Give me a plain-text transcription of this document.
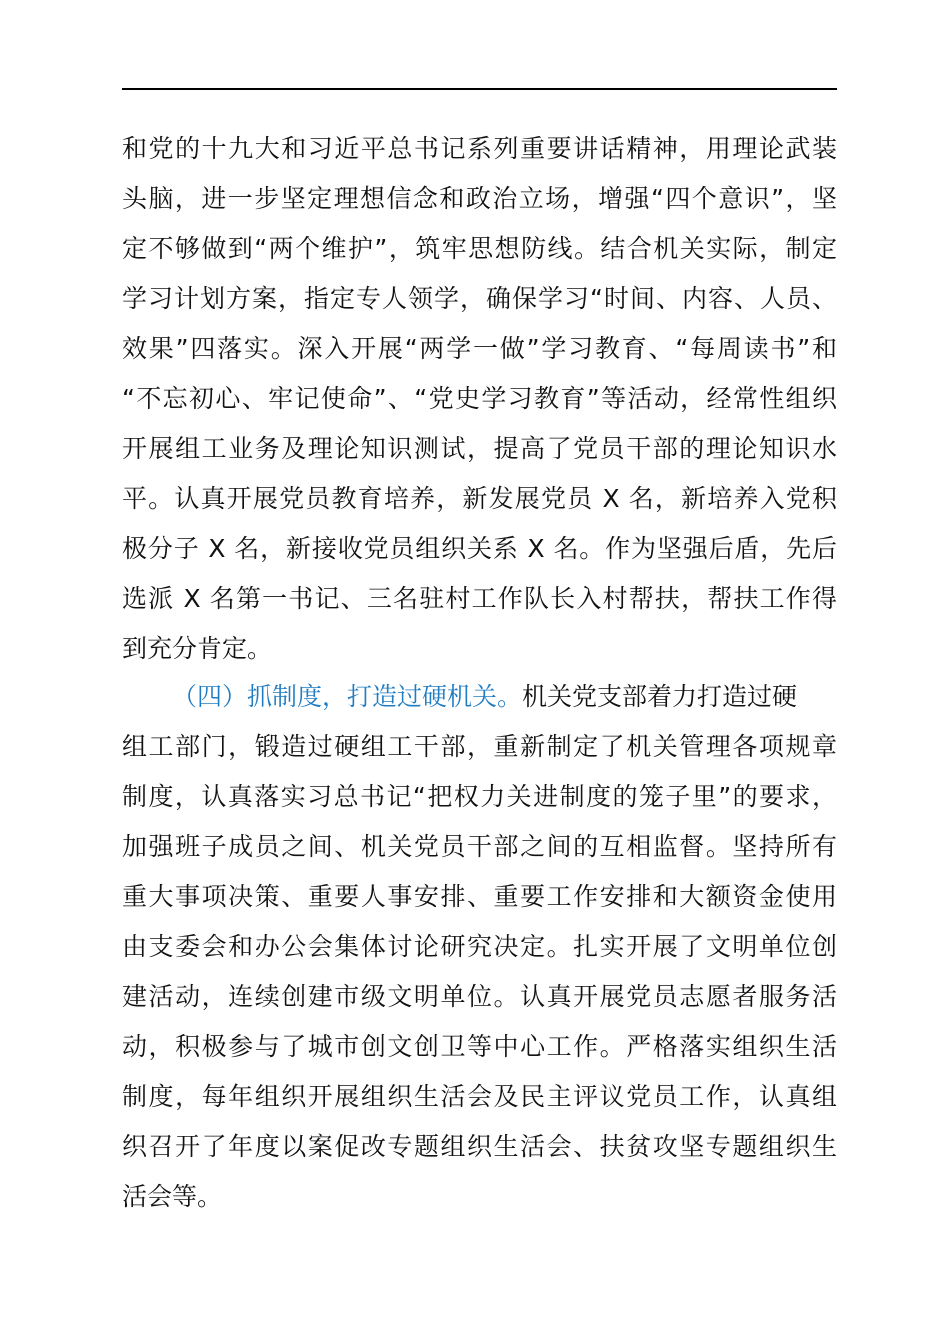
和党的十九大和习近平总书记系列重要讲话精神，用理论武装
头脑，进一步坚定理想信念和政治立场，增强“四个意识”，坚
定不够做到“两个维护”，筑牢思想防线。结合机关实际，制定
学习计划方案，指定专人领学，确保学习“时间、内容、人员、
效果”四落实。深入开展“两学一做”学习教育、“每周读书”和
“不忘初心、牢记使命”、“党史学习教育”等活动，经常性组织
开展组工业务及理论知识测试，提高了党员干部的理论知识水
平。认真开展党员教育培养，新发展党员 X 名，新培养入党积
极分子 X 名，新接收党员组织关系 X 名。作为坚强后盾，先后
选派 X 名第一书记、三名驻村工作队长入村帮扶，帮扶工作得
到充分肯定。
（四）抓制度，打造过硬机关。机关党支部着力打造过硬
组工部门，锻造过硬组工干部，重新制定了机关管理各项规章
制度，认真落实习总书记“把权力关进制度的笼子里”的要求，
加强班子成员之间、机关党员干部之间的互相监督。坚持所有
重大事项决策、重要人事安排、重要工作安排和大额资金使用
由支委会和办公会集体讨论研究决定。扎实开展了文明单位创
建活动，连续创建市级文明单位。认真开展党员志愿者服务活
动，积极参与了城市创文创卫等中心工作。严格落实组织生活
制度，每年组织开展组织生活会及民主评议党员工作，认真组
织召开了年度以案促改专题组织生活会、扶贫攻坚专题组织生
活会等。
